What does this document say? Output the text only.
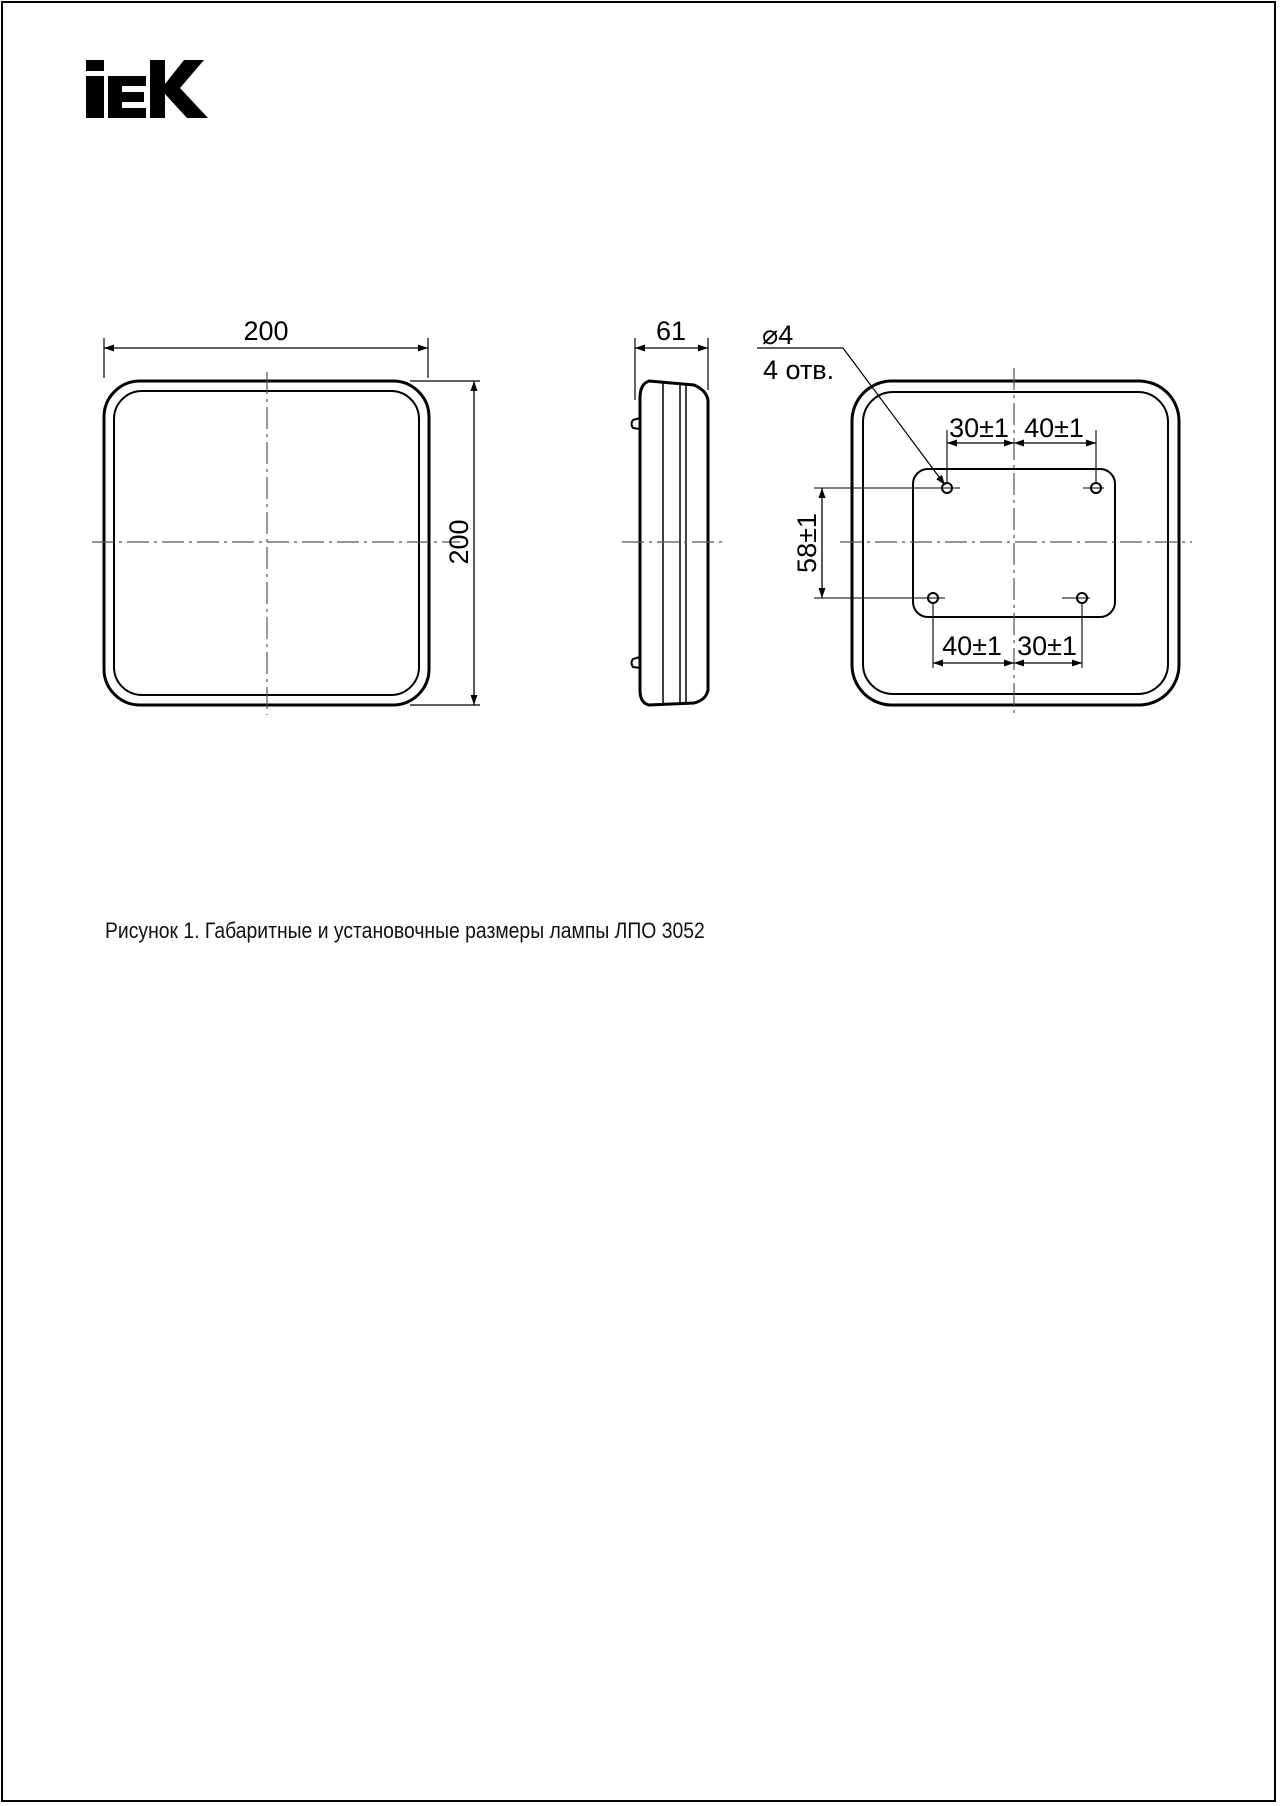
200
200
61	⌀4
4 отв.
30±1 40±1
40±1 30±1
58±1
Рисунок 1. Габаритные и установочные размеры лампы ЛПО 3052
